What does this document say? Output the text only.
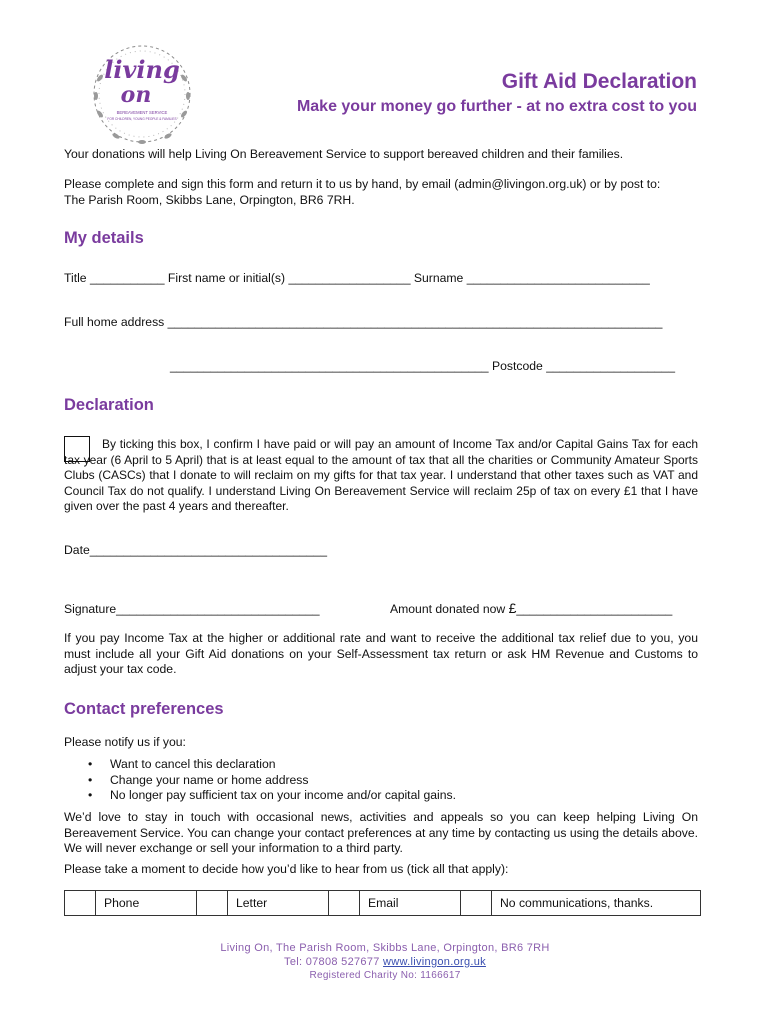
living
on
BEREAVEMENT SERVICE
FOR CHILDREN, YOUNG PEOPLE & FAMILIES
Gift Aid Declaration
Make your money go further - at no extra cost to you
Your donations will help Living On Bereavement Service to support bereaved children and their families.
Please complete and sign this form and return it to us by hand, by email (admin@livingon.org.uk) or by post to:
The Parish Room, Skibbs Lane, Orpington, BR6 7RH.
My details
Title ___________ First name or initial(s) __________________ Surname ___________________________
Full home address _________________________________________________________________________
_______________________________________________ Postcode ___________________
Declaration
By ticking this box, I confirm I have paid or will pay an amount of Income Tax and/or Capital Gains Tax for each tax year (6 April to 5 April) that is at least equal to the amount of tax that all the charities or Community Amateur Sports Clubs (CASCs) that I donate to will reclaim on my gifts for that tax year. I understand that other taxes such as VAT and Council Tax do not qualify. I understand Living On Bereavement Service will reclaim 25p of tax on every £1 that I have given over the past 4 years and thereafter.
Date___________________________________
Signature______________________________	Amount donated now £_______________________
If you pay Income Tax at the higher or additional rate and want to receive the additional tax relief due to you, you must include all your Gift Aid donations on your Self-Assessment tax return or ask HM Revenue and Customs to adjust your tax code.
Contact preferences
Please notify us if you:
• Want to cancel this declaration
• Change your name or home address
• No longer pay sufficient tax on your income and/or capital gains.
We’d love to stay in touch with occasional news, activities and appeals so you can keep helping Living On Bereavement Service. You can change your contact preferences at any time by contacting us using the details above. We will never exchange or sell your information to a third party.
Please take a moment to decide how you’d like to hear from us (tick all that apply):
	Phone		Letter		Email		No communications, thanks.
Living On, The Parish Room, Skibbs Lane, Orpington, BR6 7RH
Tel: 07808 527677 www.livingon.org.uk
Registered Charity No: 1166617
